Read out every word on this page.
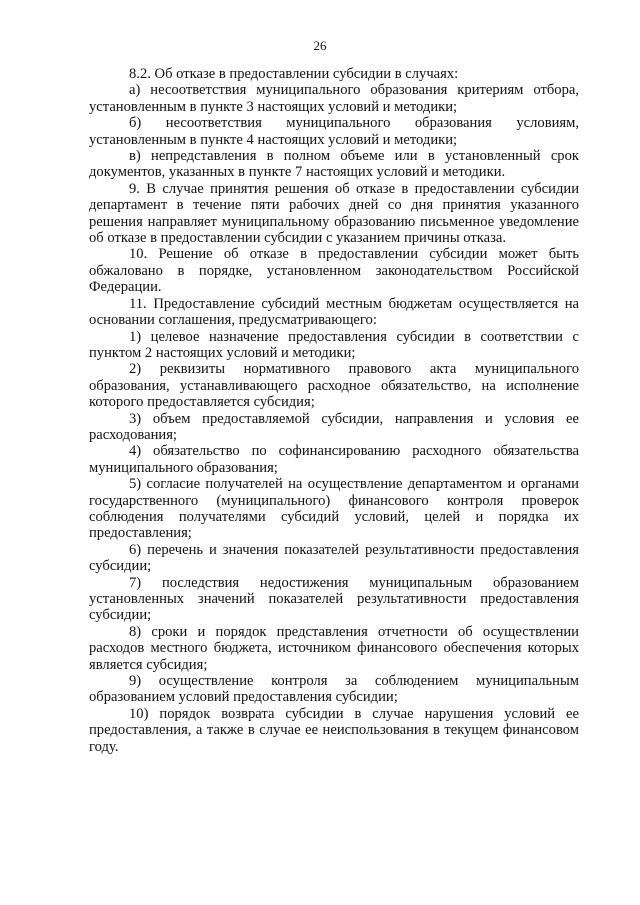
26

8.2. Об отказе в предоставлении субсидии в случаях:

а) несоответствия муниципального образования критериям отбора, установленным в пункте 3 настоящих условий и методики;

б) несоответствия муниципального образования условиям, установленным в пункте 4 настоящих условий и методики;

в) непредставления в полном объеме или в установленный срок документов, указанных в пункте 7 настоящих условий и методики.

9. В случае принятия решения об отказе в предоставлении субсидии департамент в течение пяти рабочих дней со дня принятия указанного решения направляет муниципальному образованию письменное уведомление об отказе в предоставлении субсидии с указанием причины отказа.

10. Решение об отказе в предоставлении субсидии может быть обжаловано в порядке, установленном законодательством Российской Федерации.

11. Предоставление субсидий местным бюджетам осуществляется на основании соглашения, предусматривающего:

1) целевое назначение предоставления субсидии в соответствии с пунктом 2 настоящих условий и методики;

2) реквизиты нормативного правового акта муниципального образования, устанавливающего расходное обязательство, на исполнение которого предоставляется субсидия;

3) объем предоставляемой субсидии, направления и условия ее расходования;

4) обязательство по софинансированию расходного обязательства муниципального образования;

5) согласие получателей на осуществление департаментом и органами государственного (муниципального) финансового контроля проверок соблюдения получателями субсидий условий, целей и порядка их предоставления;

6) перечень и значения показателей результативности предоставления субсидии;

7) последствия недостижения муниципальным образованием установленных значений показателей результативности предоставления субсидии;

8) сроки и порядок представления отчетности об осуществлении расходов местного бюджета, источником финансового обеспечения которых является субсидия;

9) осуществление контроля за соблюдением муниципальным образованием условий предоставления субсидии;

10) порядок возврата субсидии в случае нарушения условий ее предоставления, а также в случае ее неиспользования в текущем финансовом году.
